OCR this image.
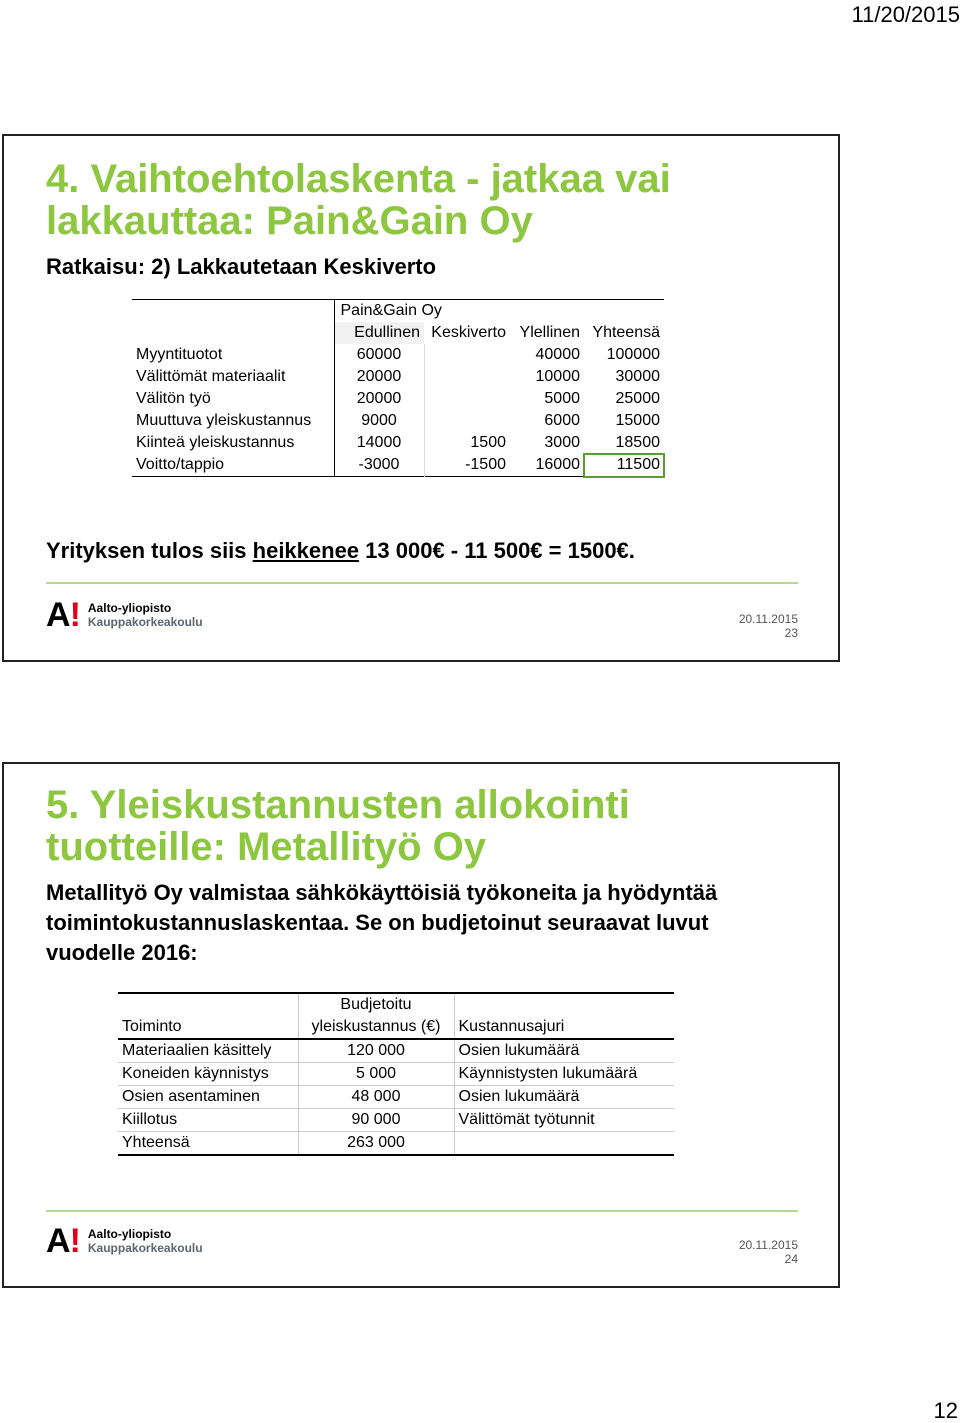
11/20/2015
4. Vaihtoehtolaskenta - jatkaa vai
lakkauttaa: Pain&Gain Oy
Ratkaisu: 2) Lakkautetaan Keskiverto
	Pain&Gain Oy			
	Edullinen	Keskiverto	Ylellinen	Yhteensä
Myyntituotot	60000		40000	100000
Välittömät materiaalit	20000		10000	30000
Välitön työ	20000		5000	25000
Muuttuva yleiskustannus	9000		6000	15000
Kiinteä yleiskustannus	14000	1500	3000	18500
Voitto/tappio	-3000	-1500	16000	11500
Yrityksen tulos siis heikkenee 13 000€ - 11 500€ = 1500€.
A! Aalto-yliopisto
Kauppakorkeakoulu	20.11.2015
23
5. Yleiskustannusten allokointi
tuotteille: Metallityö Oy
Metallityö Oy valmistaa sähkökäyttöisiä työkoneita ja hyödyntää toimintokustannuslaskentaa. Se on budjetoinut seuraavat luvut vuodelle 2016:
	Budjetoitu	
Toiminto	yleiskustannus (€)	Kustannusajuri
Materiaalien käsittely	120 000	Osien lukumäärä
Koneiden käynnistys	5 000	Käynnistysten lukumäärä
Osien asentaminen	48 000	Osien lukumäärä
Kiillotus	90 000	Välittömät työtunnit
Yhteensä	263 000	
A! Aalto-yliopisto
Kauppakorkeakoulu	20.11.2015
24
12
